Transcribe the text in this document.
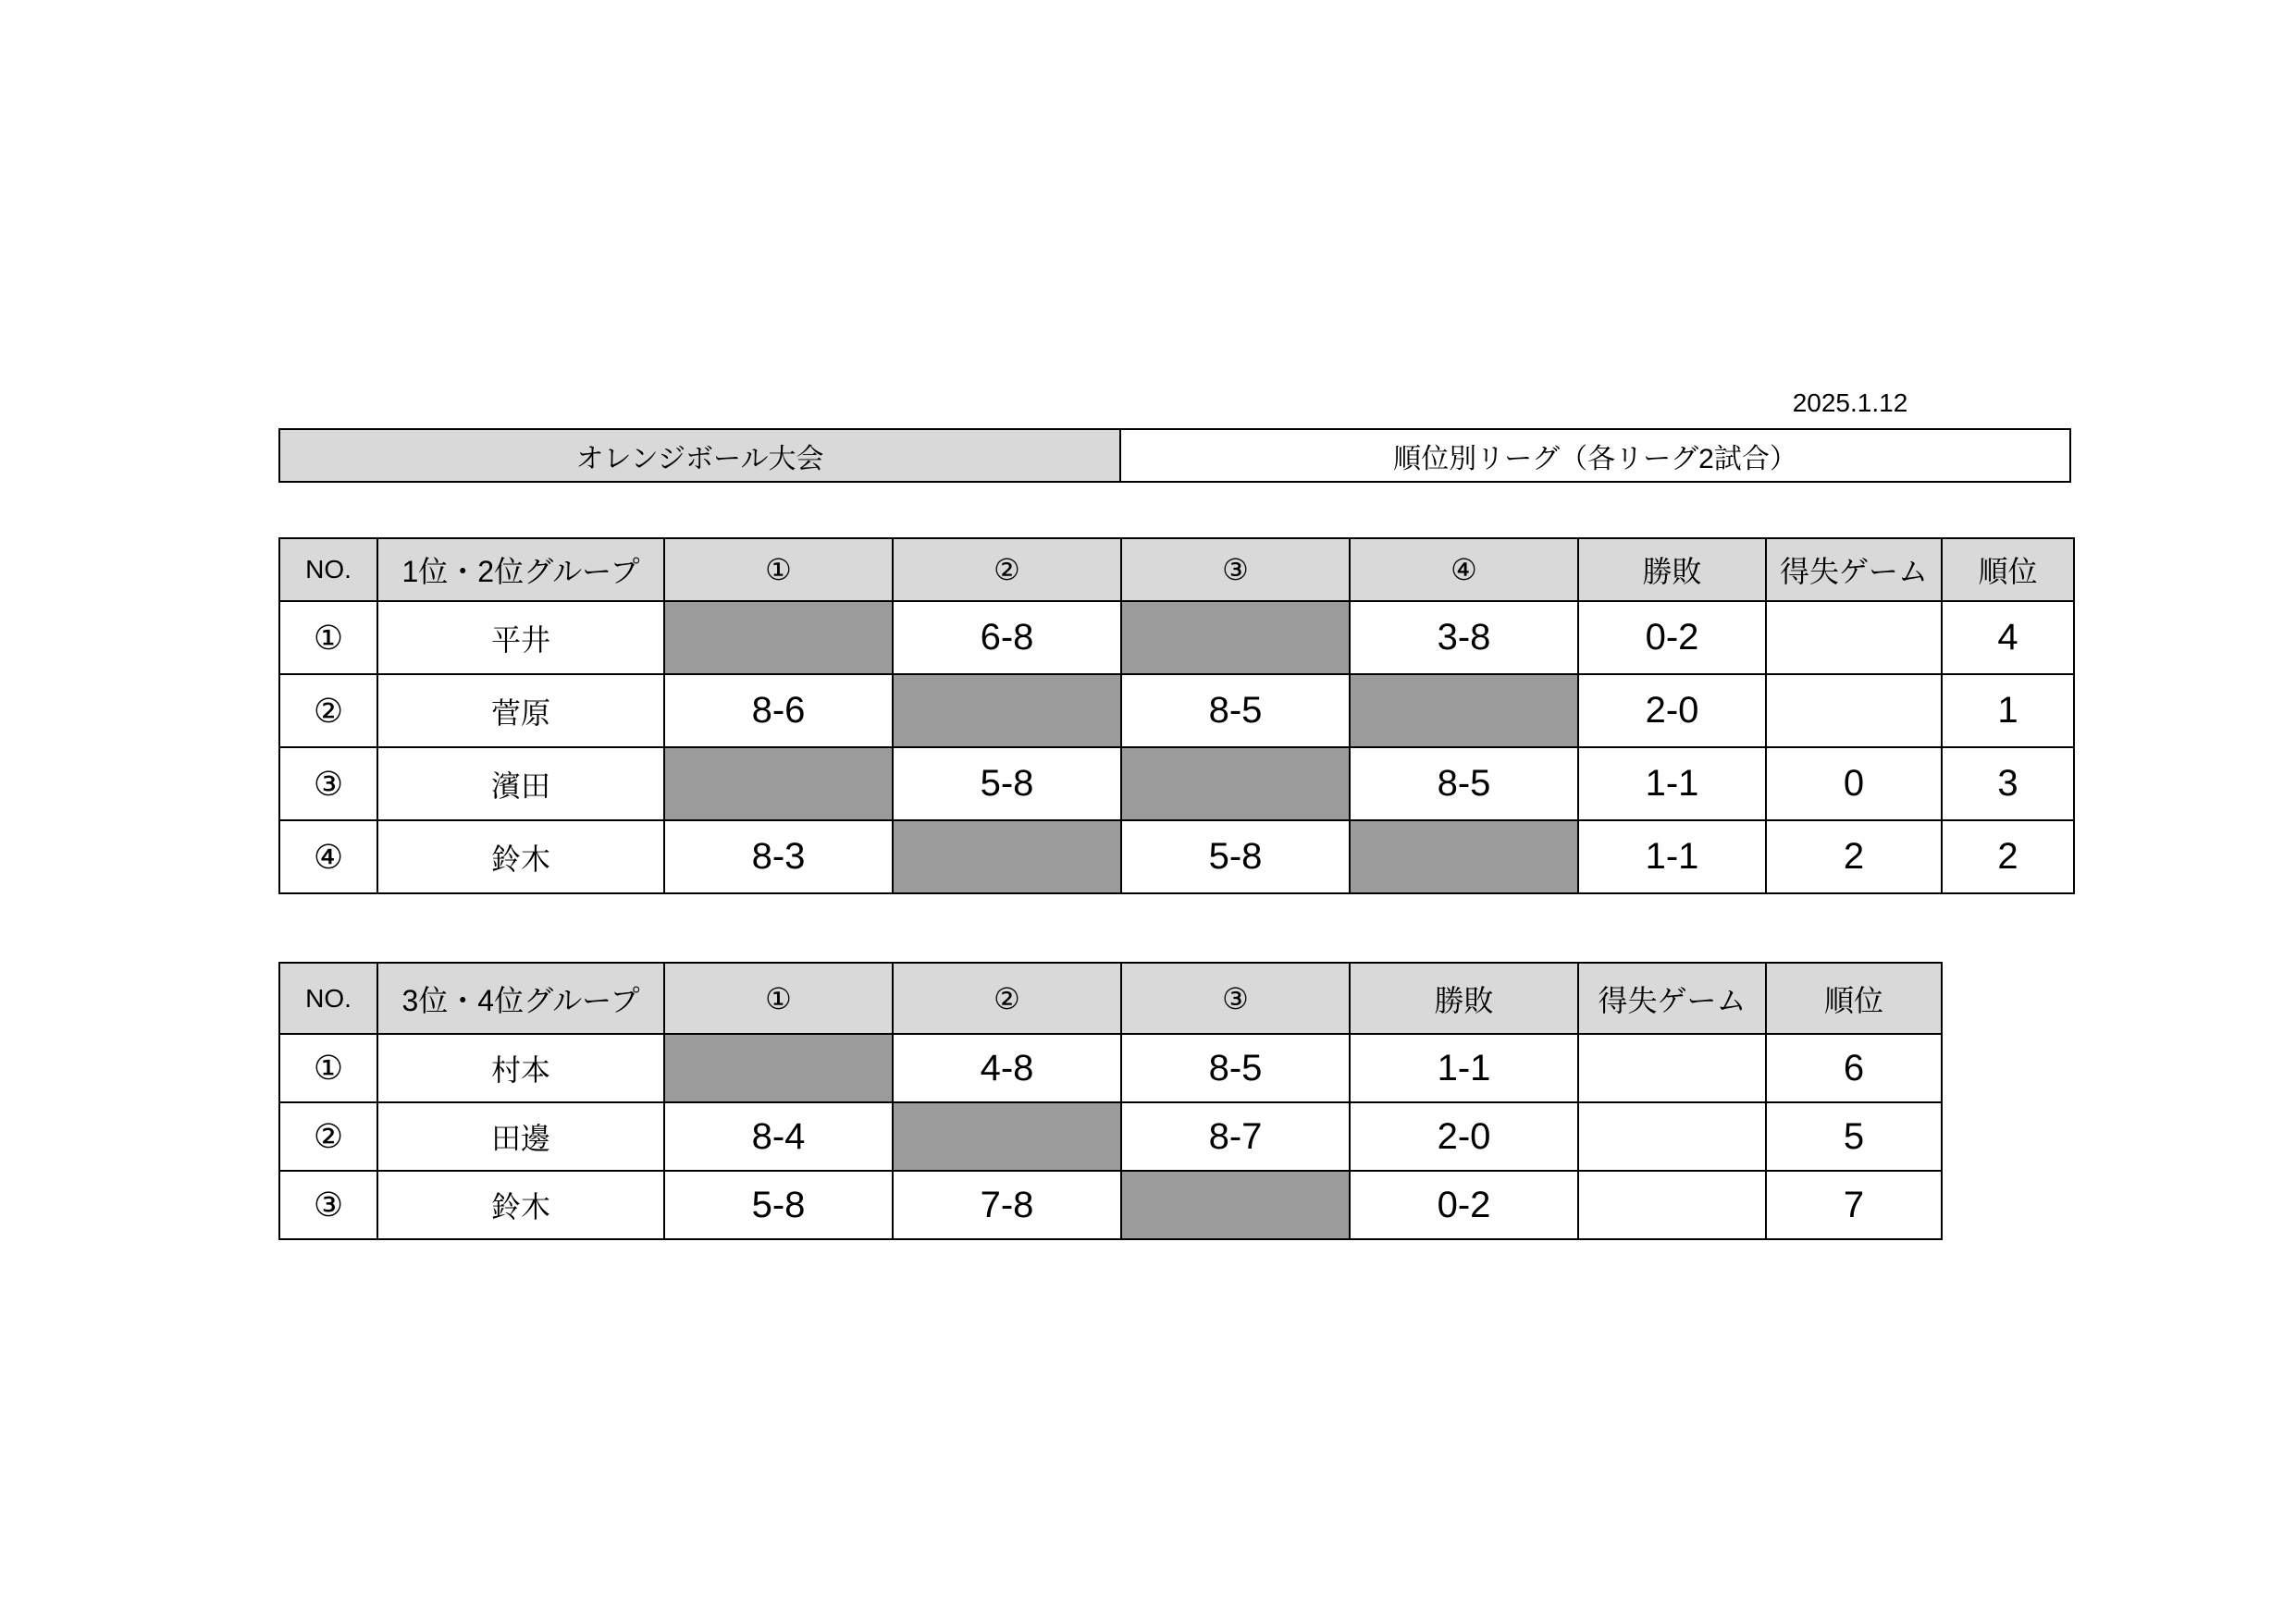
2025.1.12
オレンジボール大会	順位別リーグ（各リーグ2試合）
NO.	1位・2位グループ	①	②	③	④	勝敗	得失ゲーム	順位
①	平井		6-8		3-8	0-2		4
②	菅原	8-6		8-5		2-0		1
③	濱田		5-8		8-5	1-1	0	3
④	鈴木	8-3		5-8		1-1	2	2
NO.	3位・4位グループ	①	②	③	勝敗	得失ゲーム	順位
①	村本		4-8	8-5	1-1		6
②	田邊	8-4		8-7	2-0		5
③	鈴木	5-8	7-8		0-2		7
